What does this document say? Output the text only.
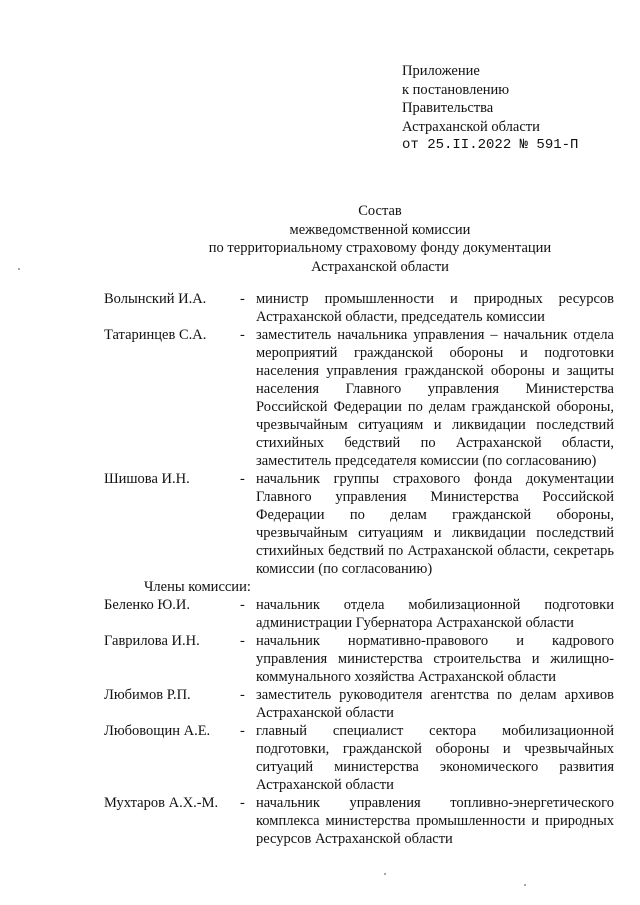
Приложение
к постановлению
Правительства
Астраханской области
от 25.II.2022 № 591-П
Состав
межведомственной комиссии
по территориальному страховому фонду документации
Астраханской области
Волынский И.А. - министр промышленности и природных ресурсов Астраханской области, председатель комиссии
Татаринцев С.А. - заместитель начальника управления – начальник отдела мероприятий гражданской обороны и подготовки населения управления гражданской обороны и защиты населения Главного управления Министерства Российской Федерации по делам гражданской обороны, чрезвычайным ситуациям и ликвидации последствий стихийных бедствий по Астраханской области, заместитель председателя комиссии (по согласованию)
Шишова И.Н.	- начальник группы страхового фонда документации Главного управления Министерства Российской Федерации по делам гражданской обороны, чрезвычайным ситуациям и ликвидации последствий стихийных бедствий по Астраханской области, секретарь комиссии (по согласованию)
Члены комиссии:
Беленко Ю.И.	- начальник отдела мобилизационной подготовки администрации Губернатора Астраханской области
Гаврилова И.Н.	- начальник нормативно-правового и кадрового управления министерства строительства и жилищно-коммунального хозяйства Астраханской области
Любимов Р.П.	- заместитель руководителя агентства по делам архивов Астраханской области
Любовощин А.Е. - главный специалист сектора мобилизационной подготовки, гражданской обороны и чрезвычайных ситуаций министерства экономического развития Астраханской области
Мухтаров А.Х.-М. - начальник управления топливно-энергетического комплекса министерства промышленности и природных ресурсов Астраханской области
